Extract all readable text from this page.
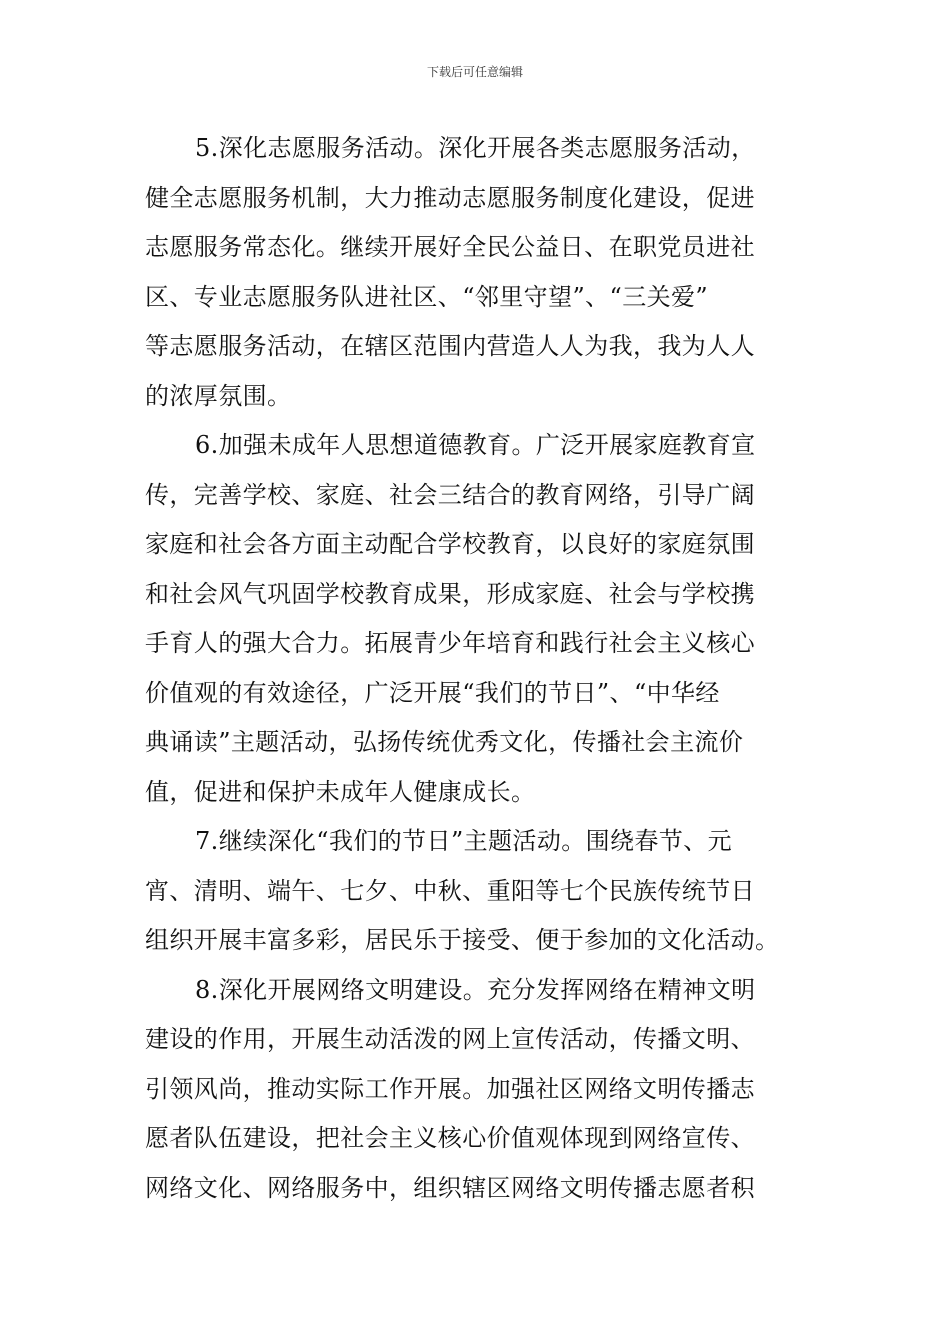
下载后可任意编辑
5.深化志愿服务活动。深化开展各类志愿服务活动，
健全志愿服务机制，大力推动志愿服务制度化建设，促进
志愿服务常态化。继续开展好全民公益日、在职党员进社
区、专业志愿服务队进社区、“邻里守望”、“三关爱”
等志愿服务活动，在辖区范围内营造人人为我，我为人人
的浓厚氛围。
6.加强未成年人思想道德教育。广泛开展家庭教育宣
传，完善学校、家庭、社会三结合的教育网络，引导广阔
家庭和社会各方面主动配合学校教育，以良好的家庭氛围
和社会风气巩固学校教育成果，形成家庭、社会与学校携
手育人的强大合力。拓展青少年培育和践行社会主义核心
价值观的有效途径，广泛开展“我们的节日”、“中华经
典诵读”主题活动，弘扬传统优秀文化，传播社会主流价
值，促进和保护未成年人健康成长。
7.继续深化“我们的节日”主题活动。围绕春节、元
宵、清明、端午、七夕、中秋、重阳等七个民族传统节日
组织开展丰富多彩，居民乐于接受、便于参加的文化活动。
8.深化开展网络文明建设。充分发挥网络在精神文明
建设的作用，开展生动活泼的网上宣传活动，传播文明、
引领风尚，推动实际工作开展。加强社区网络文明传播志
愿者队伍建设，把社会主义核心价值观体现到网络宣传、
网络文化、网络服务中，组织辖区网络文明传播志愿者积
